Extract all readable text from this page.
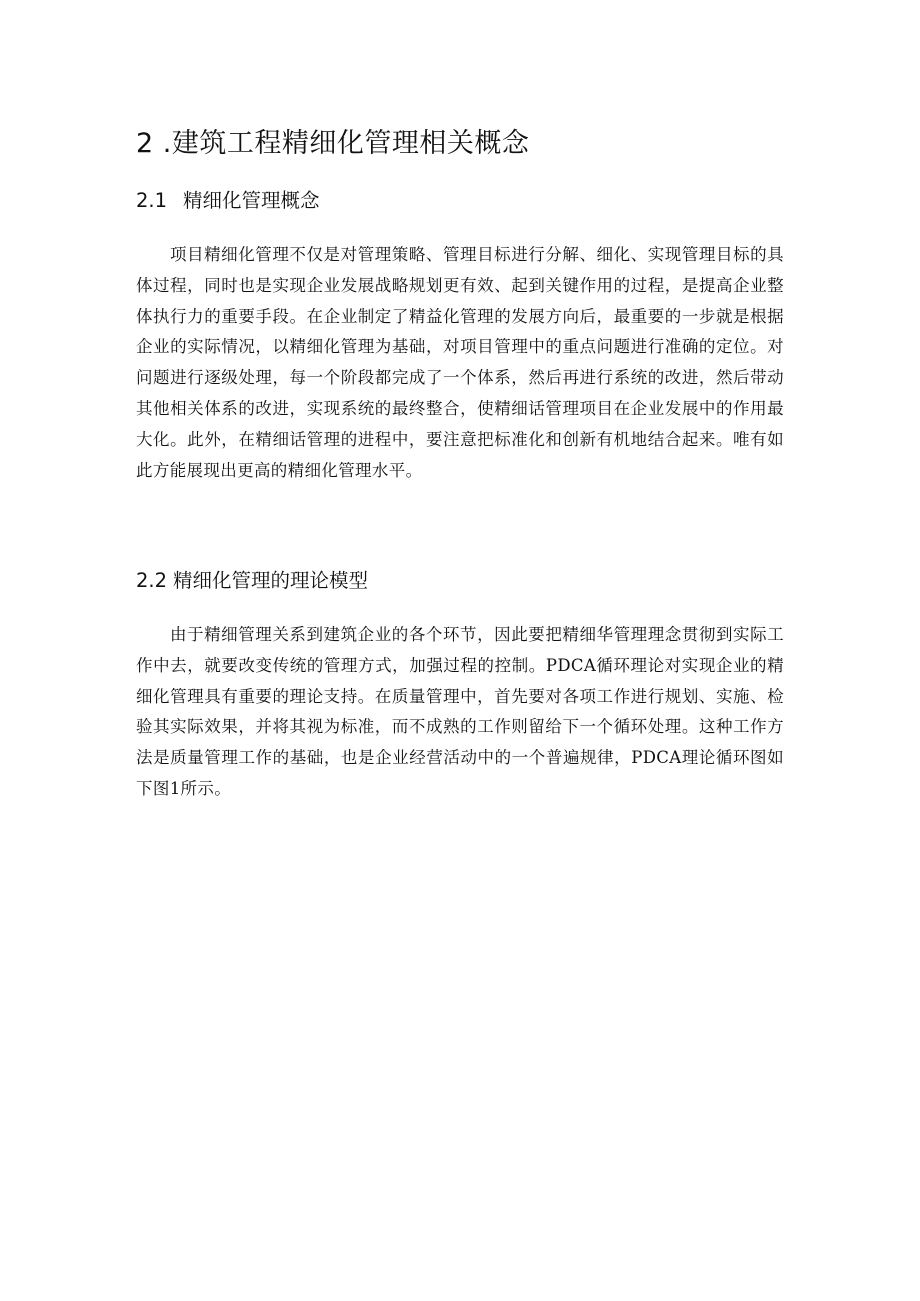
2 .建筑工程精细化管理相关概念
2.1 精细化管理概念

项目精细化管理不仅是对管理策略、管理目标进行分解、细化、实现管理目标的具体过程，同时也是实现企业发展战略规划更有效、起到关键作用的过程，是提高企业整体执行力的重要手段。在企业制定了精益化管理的发展方向后，最重要的一步就是根据企业的实际情况，以精细化管理为基础，对项目管理中的重点问题进行准确的定位。对问题进行逐级处理，每一个阶段都完成了一个体系，然后再进行系统的改进，然后带动其他相关体系的改进，实现系统的最终整合，使精细话管理项目在企业发展中的作用最大化。此外，在精细话管理的进程中，要注意把标准化和创新有机地结合起来。唯有如此方能展现出更高的精细化管理水平。

2.2 精细化管理的理论模型

由于精细管理关系到建筑企业的各个环节，因此要把精细华管理理念贯彻到实际工作中去，就要改变传统的管理方式，加强过程的控制。PDCA循环理论对实现企业的精细化管理具有重要的理论支持。在质量管理中，首先要对各项工作进行规划、实施、检验其实际效果，并将其视为标准，而不成熟的工作则留给下一个循环处理。这种工作方法是质量管理工作的基础，也是企业经营活动中的一个普遍规律，PDCA理论循环图如下图1所示。
